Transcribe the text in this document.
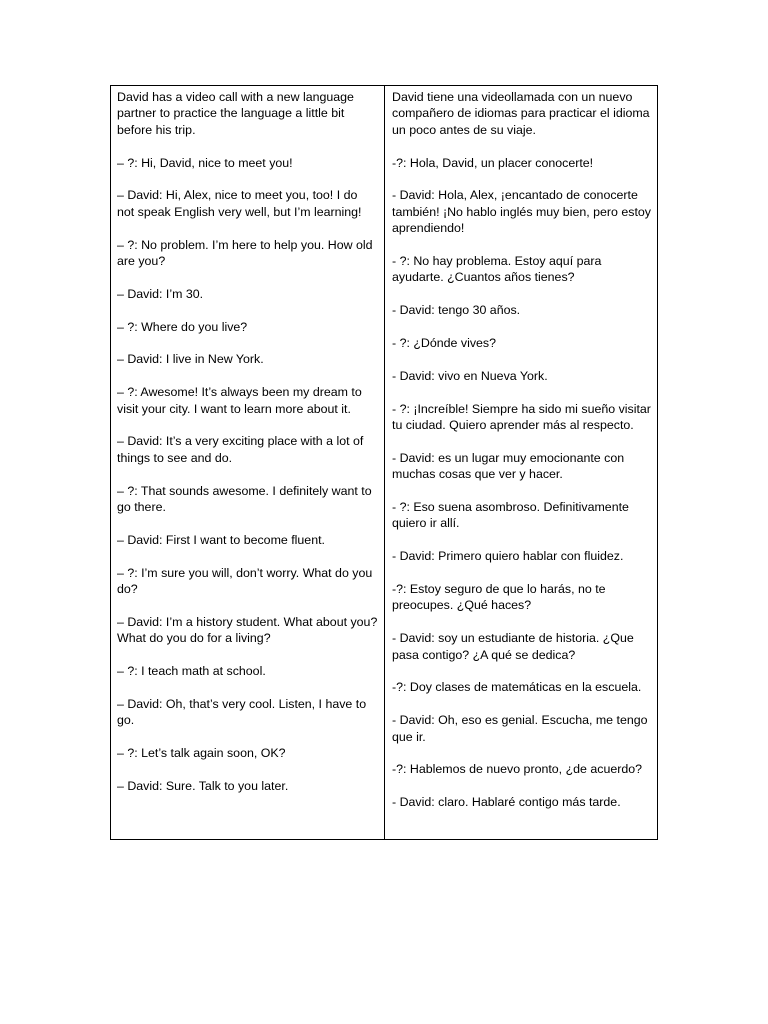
David has a video call with a new language partner to practice the language a little bit before his trip.

– ?: Hi, David, nice to meet you!

– David: Hi, Alex, nice to meet you, too! I do not speak English very well, but I’m learning!

– ?: No problem. I’m here to help you. How old are you?

– David: I’m 30.

– ?: Where do you live?

– David: I live in New York.

– ?: Awesome! It’s always been my dream to visit your city. I want to learn more about it.

– David: It’s a very exciting place with a lot of things to see and do.

– ?: That sounds awesome. I definitely want to go there.

– David: First I want to become fluent.

– ?: I’m sure you will, don’t worry. What do you do?

– David: I’m a history student. What about you? What do you do for a living?

– ?: I teach math at school.

– David: Oh, that’s very cool. Listen, I have to go.

– ?: Let’s talk again soon, OK?

– David: Sure. Talk to you later.

David tiene una videollamada con un nuevo compañero de idiomas para practicar el idioma un poco antes de su viaje.

-?: Hola, David, un placer conocerte!

- David: Hola, Alex, ¡encantado de conocerte también! ¡No hablo inglés muy bien, pero estoy aprendiendo!

- ?: No hay problema. Estoy aquí para ayudarte. ¿Cuantos años tienes?

- David: tengo 30 años.

- ?: ¿Dónde vives?

- David: vivo en Nueva York.

- ?: ¡Increíble! Siempre ha sido mi sueño visitar tu ciudad. Quiero aprender más al respecto.

- David: es un lugar muy emocionante con muchas cosas que ver y hacer.

- ?: Eso suena asombroso. Definitivamente quiero ir allí.

- David: Primero quiero hablar con fluidez.

-?: Estoy seguro de que lo harás, no te preocupes. ¿Qué haces?

- David: soy un estudiante de historia. ¿Que pasa contigo? ¿A qué se dedica?

-?: Doy clases de matemáticas en la escuela.

- David: Oh, eso es genial. Escucha, me tengo que ir.

-?: Hablemos de nuevo pronto, ¿de acuerdo?

- David: claro. Hablaré contigo más tarde.
